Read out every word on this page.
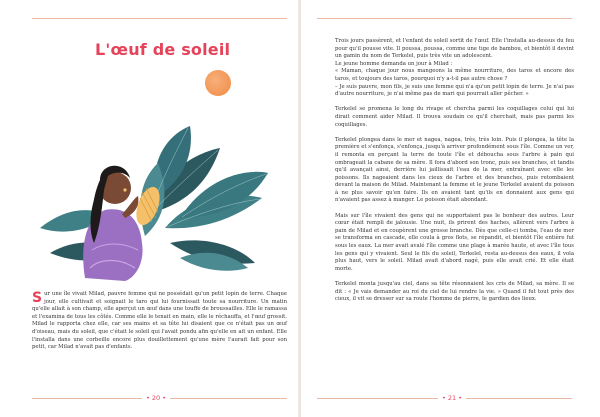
L'œuf de soleil
S ur une île vivait Milad, pauvre femme qui ne possédait qu'un petit lopin de terre. Chaque jour, elle cultivait et soignait le taro qui lui fournissait toute sa nourriture. Un matin qu'elle allait à son champ, elle aperçut un œuf dans une touffe de broussailles. Elle le ramassa et l'examina de tous les côtés. Comme elle le tenait en main, elle le réchauffa, et l'œuf grossit. Milad le rapporta chez elle, car ses mains et sa tête lui disaient que ce n'était pas un œuf d'oiseau, mais du soleil, que c'était le soleil qui l'avait pondu afin qu'elle en ait un enfant. Elle l'installa dans une corbeille encore plus douillettement qu'une mère l'aurait fait pour son petit, car Milad n'avait pas d'enfants.
• 20 •

Trois jours passèrent, et l'enfant du soleil sortit de l'œuf. Elle l'installa au-dessus du feu pour qu'il pousse vite. Il poussa, poussa, comme une tige de bambou, et bientôt il devint un gamin du nom de Terkelel, puis très vite un adolescent.
Le jeune homme demanda un jour à Milad :
« Maman, chaque jour nous mangeons la même nourriture, des taros et encore des taros, et toujours des taros, pourquoi n'y a-t-il pas autre chose ?
– Je suis pauvre, mon fils, je suis une femme qui n'a qu'un petit lopin de terre. Je n'ai pas d'autre nourriture, je n'ai même pas de mari qui pourrait aller pêcher. »

Terkelel se promena le long du rivage et chercha parmi les coquillages celui qui lui dirait comment aider Milad. Il trouva soudain ce qu'il cherchait, mais pas parmi les coquillages.

Terkelel plongea dans le mer et nagea, nagea, très, très loin. Puis il plongea, la tête la première et s'enfonça, s'enfonça, jusqu'à arriver profondément sous l'île. Comme un ver, il remonta en perçant la terre de toute l'île et déboucha sous l'arbre à pain qui ombrageait la cabane de sa mère. Il fora d'abord son tronc, puis ses branches, et tandis qu'il avançait ainsi, derrière lui jaillissait l'eau de la mer, entraînant avec elle les poissons. Ils nageaient dans les cieux de l'arbre et des branches, puis retombaient devant la maison de Milad. Maintenant la femme et le jeune Terkelel avaient du poisson à ne plus savoir qu'en faire. Ils en avaient tant qu'ils en donnaient aux gens qui n'avaient pas assez à manger. Le poisson était abondant.

Mais sur l'île vivaient des gens qui ne supportaient pas le bonheur des autres. Leur cœur était rempli de jalousie. Une nuit, ils prirent des haches, allèrent vers l'arbre à pain de Milad et en coupèrent une grosse branche. Dès que celle-ci tomba, l'eau de mer se transforma en cascade, elle coula à gros flots, se répandit, et bientôt l'île entière fut sous les eaux. La mer avait avalé l'île comme une plage à marée haute, et avec l'île tous les gens qui y vivaient. Seul le fils du soleil, Terkelel, resta au-dessus des eaux, il vola plus haut, vers le soleil. Milad avait d'abord nagé, puis elle avait crié. Et elle était morte.

Terkelel monta jusqu'au ciel, dans sa tête résonnaient les cris de Milad, sa mère. Il se dit : « Je vais demander au roi du ciel de lui rendre la vie. » Quand il fut tout près des cieux, il vit se dresser sur sa route l'homme de pierre, le gardien des lieux.

• 21 •
